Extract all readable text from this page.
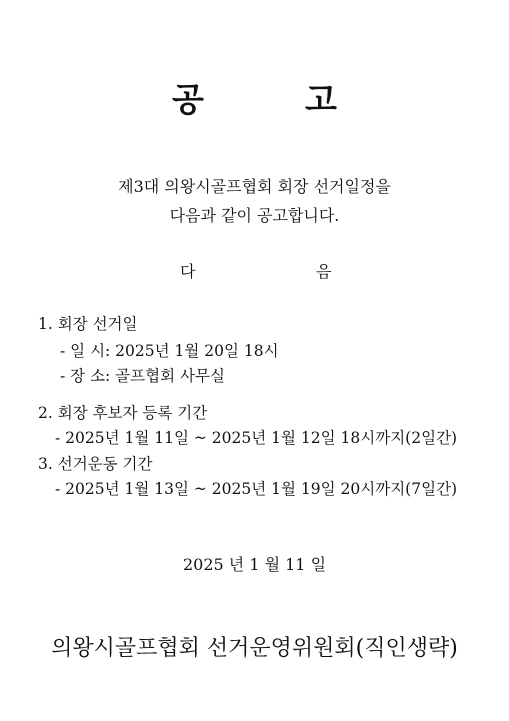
공	고
제3대 의왕시골프협회 회장 선거일정을
다음과 같이 공고합니다.
다	음
1. 회장 선거일
- 일 시: 2025년 1월 20일 18시
- 장 소: 골프협회 사무실
2. 회장 후보자 등록 기간
- 2025년 1월 11일 ~ 2025년 1월 12일 18시까지(2일간)
3. 선거운동 기간
- 2025년 1월 13일 ~ 2025년 1월 19일 20시까지(7일간)
2025 년 1 월 11 일
의왕시골프협회 선거운영위원회(직인생략)
